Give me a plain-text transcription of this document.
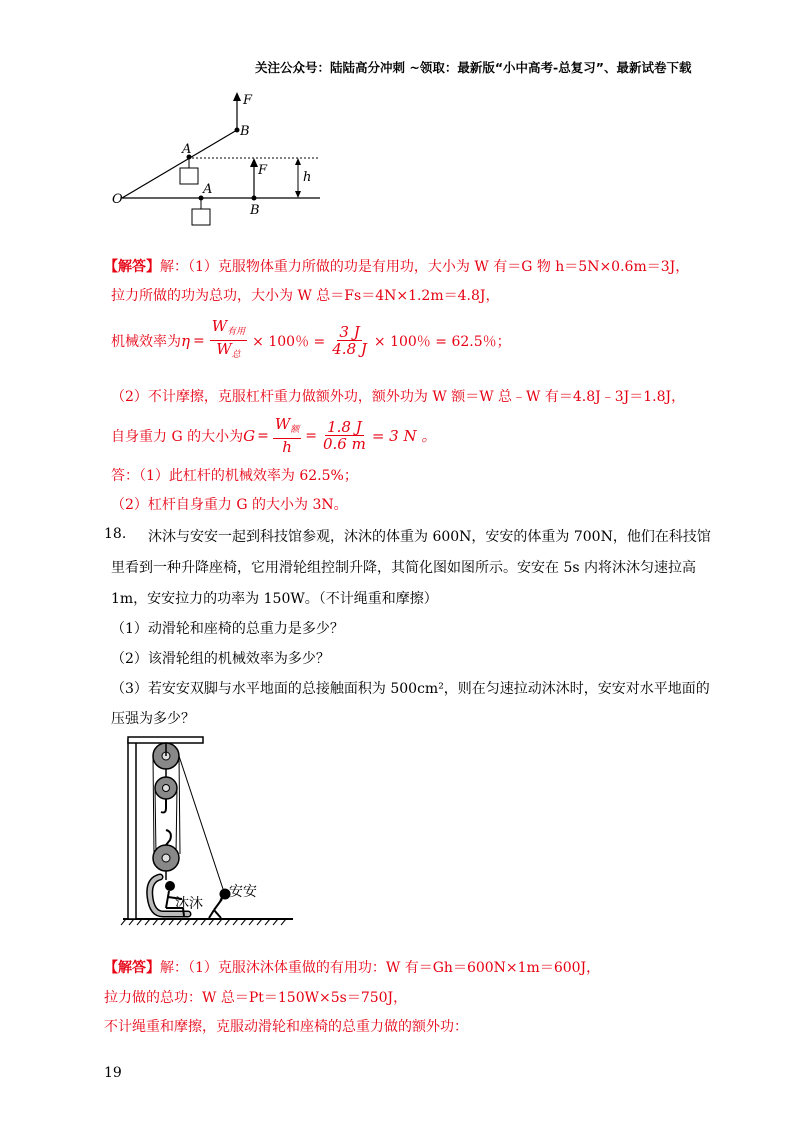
关注公众号：陆陆高分冲刺 ~领取：最新版“小中高考-总复习”、最新试卷下载
F
B
A
F	h
O
A
B
【解答】解：（1）克服物体重力所做的功是有用功，大小为 W 有＝G 物 h＝5N×0.6m＝3J，
拉力所做的功为总功，大小为 W 总＝Fs＝4N×1.2m＝4.8J，
机械效率为 $\eta = \frac{W_{有用}}{W_总} \times 100$％ = $\frac{3 J}{4.8 J} \times 100$％ = 62.5％；
（2）不计摩擦，克服杠杆重力做额外功，额外功为 W 额＝W 总﹣W 有＝4.8J﹣3J＝1.8J，
自身重力 G 的大小为 $G = \frac{W_额}{h} = \frac{1.8 J}{0.6 m} = 3$ N 。
答：（1）此杠杆的机械效率为 62.5%；
（2）杠杆自身重力 G 的大小为 3N。
18. 沐沐与安安一起到科技馆参观，沐沐的体重为 600N，安安的体重为 700N，他们在科技馆
里看到一种升降座椅，它用滑轮组控制升降，其简化图如图所示。安安在 5s 内将沐沐匀速拉高
1m，安安拉力的功率为 150W。（不计绳重和摩擦）
（1）动滑轮和座椅的总重力是多少？
（2）该滑轮组的机械效率为多少？
（3）若安安双脚与水平地面的总接触面积为 500cm²，则在匀速拉动沐沐时，安安对水平地面的
压强为多少？
沐沐
安安
【解答】解：（1）克服沐沐体重做的有用功：W 有＝Gh＝600N×1m＝600J，
拉力做的总功：W 总＝Pt＝150W×5s＝750J，
不计绳重和摩擦，克服动滑轮和座椅的总重力做的额外功：
19
